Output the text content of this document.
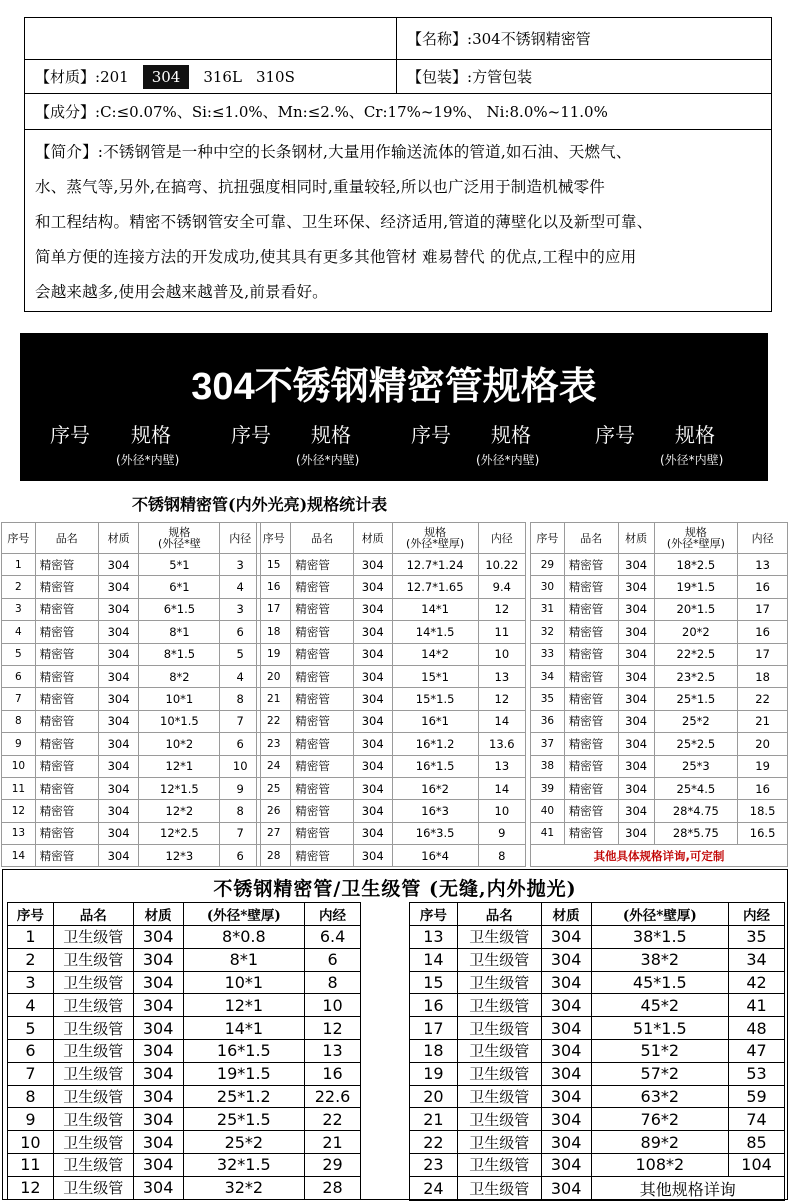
【名称】: 304不锈钢精密管
【材质】: 201	304	316L 310S	【包装】: 方管包装
【成分】: C:≤0.07%、Si:≤1.0%、Mn:≤2.%、Cr:17%~19%、 Ni:8.0%~11.0%
【简介】:不锈钢管是一种中空的长条钢材,大量用作输送流体的管道,如石油、天燃气、
水、蒸气等,另外,在搞弯、抗扭强度相同时,重量较轻,所以也广泛用于制造机械零件
和工程结构。精密不锈钢管安全可靠、卫生环保、经济适用,管道的薄壁化以及新型可靠、
简单方便的连接方法的开发成功,使其具有更多其他管材 难易替代 的优点,工程中的应用
会越来越多,使用会越来越普及,前景看好。
304不锈钢精密管规格表
序号 规格
(外径*内壁)
序号 规格
(外径*内壁)
序号 规格
(外径*内壁)
序号 规格
(外径*内壁)
不锈钢精密管(内外光亮)规格统计表
序号	品名	材质	规格
(外径*壁	内径
1	精密管	304	5*1	3
2	精密管	304	6*1	4
3	精密管	304	6*1.5	3
4	精密管	304	8*1	6
5	精密管	304	8*1.5	5
6	精密管	304	8*2	4
7	精密管	304	10*1	8
8	精密管	304	10*1.5	7
9	精密管	304	10*2	6
10	精密管	304	12*1	10
11	精密管	304	12*1.5	9
12	精密管	304	12*2	8
13	精密管	304	12*2.5	7
14	精密管	304	12*3	6
序号	品名	材质	规格
(外径*壁厚)	内径
15	精密管	304	12.7*1.24	10.22
16	精密管	304	12.7*1.65	9.4
17	精密管	304	14*1	12
18	精密管	304	14*1.5	11
19	精密管	304	14*2	10
20	精密管	304	15*1	13
21	精密管	304	15*1.5	12
22	精密管	304	16*1	14
23	精密管	304	16*1.2	13.6
24	精密管	304	16*1.5	13
25	精密管	304	16*2	14
26	精密管	304	16*3	10
27	精密管	304	16*3.5	9
28	精密管	304	16*4	8
序号	品名	材质	规格
(外径*壁厚)	内径
29	精密管	304	18*2.5	13
30	精密管	304	19*1.5	16
31	精密管	304	20*1.5	17
32	精密管	304	20*2	16
33	精密管	304	22*2.5	17
34	精密管	304	23*2.5	18
35	精密管	304	25*1.5	22
36	精密管	304	25*2	21
37	精密管	304	25*2.5	20
38	精密管	304	25*3	19
39	精密管	304	25*4.5	16
40	精密管	304	28*4.75	18.5
41	精密管	304	28*5.75	16.5
其他具体规格详询,可定制				
不锈钢精密管/卫生级管 (无缝,内外抛光)
序号	品名	材质	(外径*壁厚)	内经
1	卫生级管	304	8*0.8	6.4
2	卫生级管	304	8*1	6
3	卫生级管	304	10*1	8
4	卫生级管	304	12*1	10
5	卫生级管	304	14*1	12
6	卫生级管	304	16*1.5	13
7	卫生级管	304	19*1.5	16
8	卫生级管	304	25*1.2	22.6
9	卫生级管	304	25*1.5	22
10	卫生级管	304	25*2	21
11	卫生级管	304	32*1.5	29
12	卫生级管	304	32*2	28
序号	品名	材质	(外径*壁厚)	内经
13	卫生级管	304	38*1.5	35
14	卫生级管	304	38*2	34
15	卫生级管	304	45*1.5	42
16	卫生级管	304	45*2	41
17	卫生级管	304	51*1.5	48
18	卫生级管	304	51*2	47
19	卫生级管	304	57*2	53
20	卫生级管	304	63*2	59
21	卫生级管	304	76*2	74
22	卫生级管	304	89*2	85
23	卫生级管	304	108*2	104
24	卫生级管	304	其他规格详询	
